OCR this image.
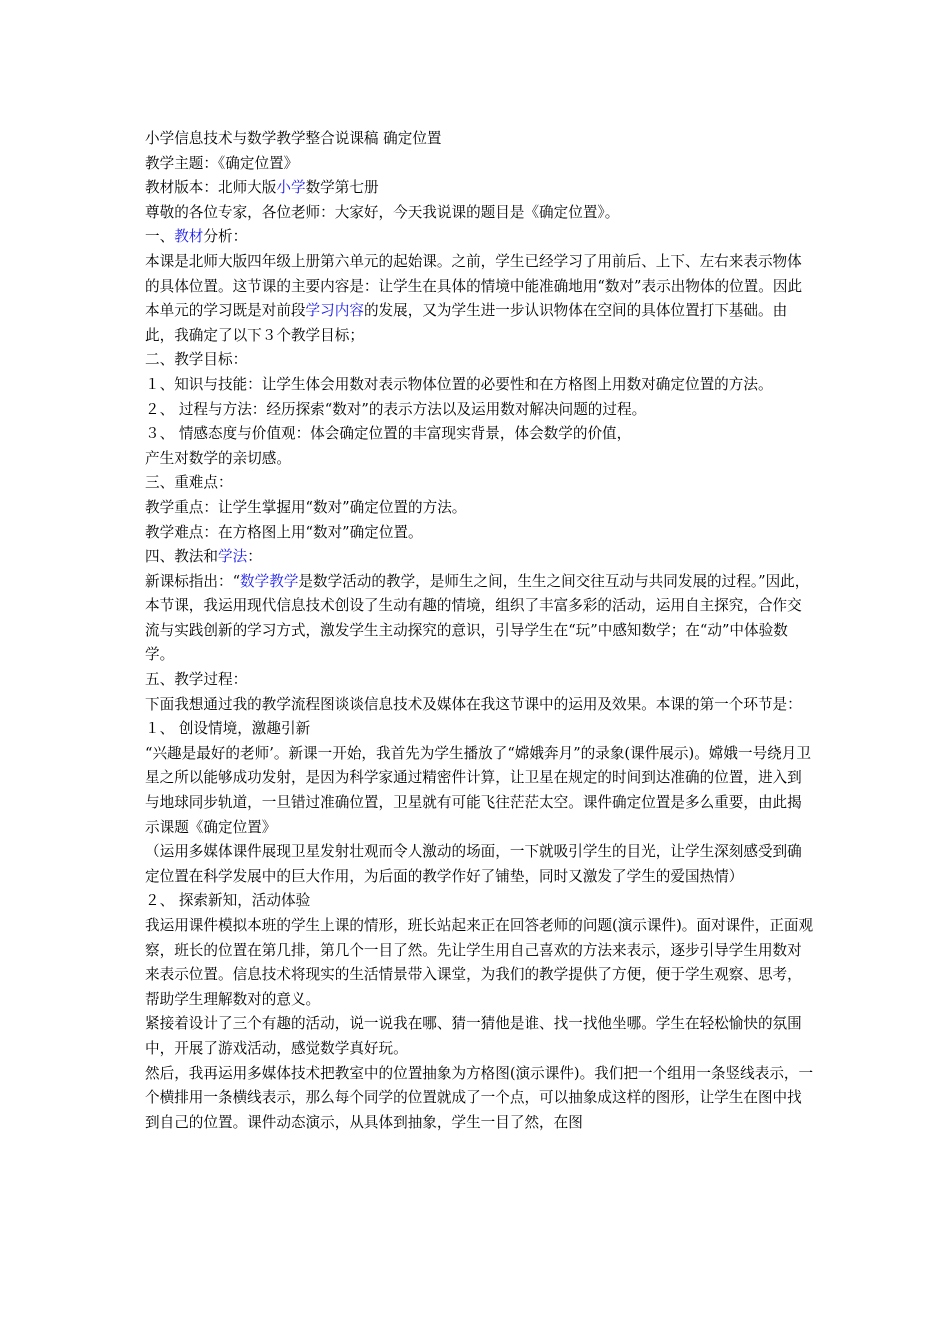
小学信息技术与数学教学整合说课稿 确定位置

教学主题：《确定位置》

教材版本：北师大版小学数学第七册

尊敬的各位专家，各位老师：大家好，今天我说课的题目是《确定位置》。

一、教材分析：

本课是北师大版四年级上册第六单元的起始课。之前，学生已经学习了用前后、上下、左右来表示物体的具体位置。这节课的主要内容是：让学生在具体的情境中能准确地用“数对”表示出物体的位置。因此本单元的学习既是对前段学习内容的发展，又为学生进一步认识物体在空间的具体位置打下基础。由此，我确定了以下３个教学目标；

二、教学目标：

１、知识与技能：让学生体会用数对表示物体位置的必要性和在方格图上用数对确定位置的方法。

２、 过程与方法：经历探索“数对”的表示方法以及运用数对解决问题的过程。

３、 情感态度与价值观：体会确定位置的丰富现实背景，体会数学的价值，

产生对数学的亲切感。

三、重难点：

教学重点：让学生掌握用“数对”确定位置的方法。

教学难点：在方格图上用“数对”确定位置。

四、教法和学法：

新课标指出：“数学教学是数学活动的教学，是师生之间，生生之间交往互动与共同发展的过程。”因此，本节课，我运用现代信息技术创设了生动有趣的情境，组织了丰富多彩的活动，运用自主探究，合作交流与实践创新的学习方式，激发学生主动探究的意识，引导学生在“玩”中感知数学；在“动”中体验数学。

五、教学过程：

下面我想通过我的教学流程图谈谈信息技术及媒体在我这节课中的运用及效果。本课的第一个环节是：

１、 创设情境，激趣引新

“兴趣是最好的老师’。新课一开始，我首先为学生播放了“嫦娥奔月”的录象(课件展示)。嫦娥一号绕月卫星之所以能够成功发射，是因为科学家通过精密件计算，让卫星在规定的时间到达准确的位置，进入到与地球同步轨道，一旦错过准确位置，卫星就有可能飞往茫茫太空。课件确定位置是多么重要，由此揭示课题《确定位置》

（运用多媒体课件展现卫星发射壮观而令人激动的场面，一下就吸引学生的目光，让学生深刻感受到确定位置在科学发展中的巨大作用，为后面的教学作好了铺垫，同时又激发了学生的爱国热情）

２、 探索新知，活动体验

我运用课件模拟本班的学生上课的情形，班长站起来正在回答老师的问题(演示课件)。面对课件，正面观察，班长的位置在第几排，第几个一目了然。先让学生用自己喜欢的方法来表示，逐步引导学生用数对来表示位置。信息技术将现实的生活情景带入课堂，为我们的教学提供了方便，便于学生观察、思考，帮助学生理解数对的意义。

紧接着设计了三个有趣的活动，说一说我在哪、猜一猜他是谁、找一找他坐哪。学生在轻松愉快的氛围中，开展了游戏活动，感觉数学真好玩。

然后，我再运用多媒体技术把教室中的位置抽象为方格图(演示课件)。我们把一个组用一条竖线表示，一个横排用一条横线表示，那么每个同学的位置就成了一个点，可以抽象成这样的图形，让学生在图中找到自己的位置。课件动态演示，从具体到抽象，学生一目了然，在图
